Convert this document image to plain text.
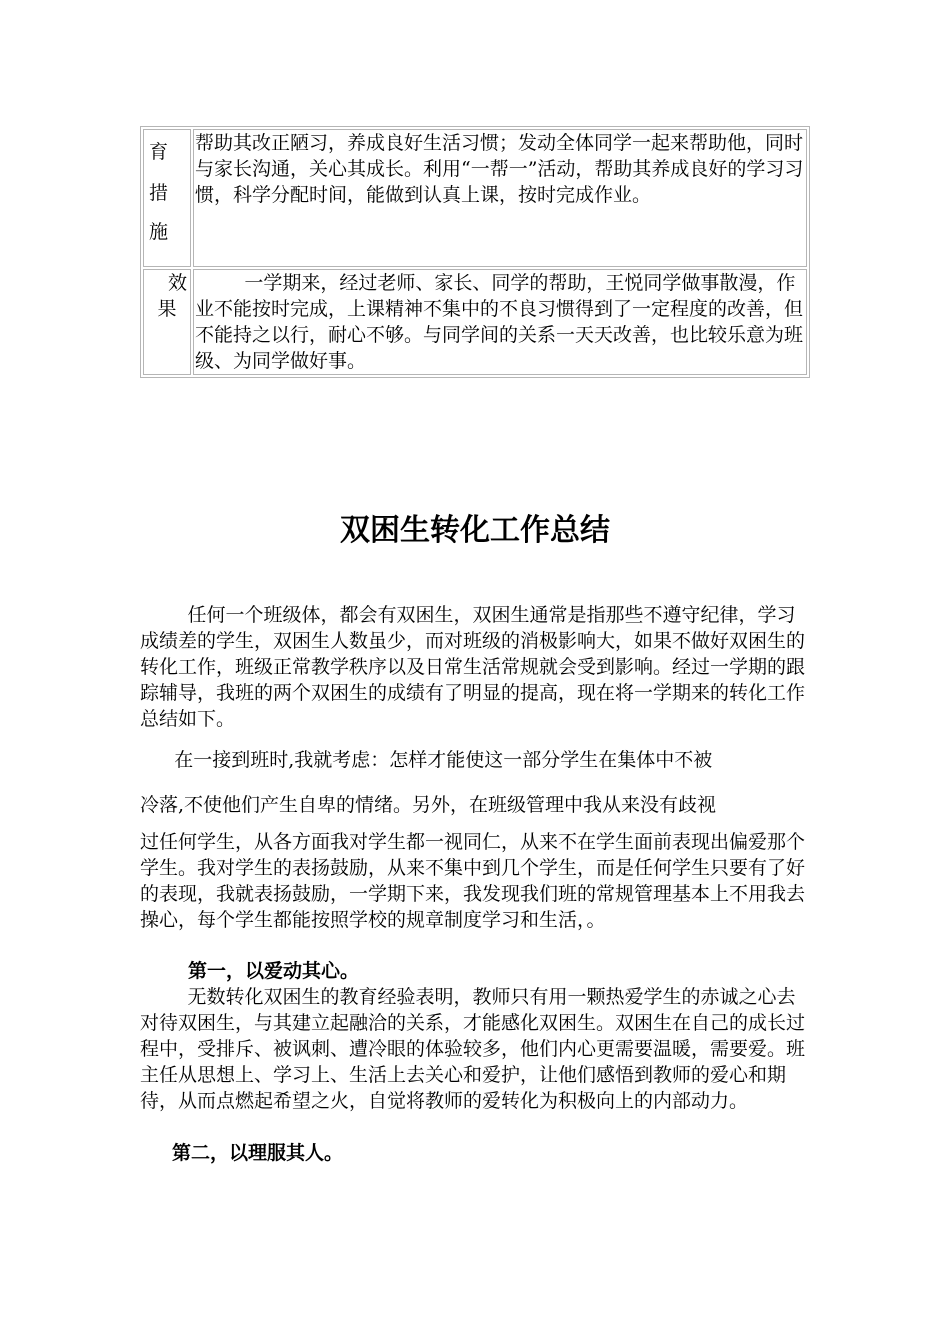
育
措
施	帮助其改正陋习，养成良好生活习惯；发动全体同学一起来帮助他，同时与家长沟通，关心其成长。利用“一帮一”活动，帮助其养成良好的学习习惯，科学分配时间，能做到认真上课，按时完成作业。

效
果	一学期来，经过老师、家长、同学的帮助，王悦同学做事散漫，作业不能按时完成，上课精神不集中的不良习惯得到了一定程度的改善，但不能持之以行，耐心不够。与同学间的关系一天天改善，也比较乐意为班级、为同学做好事。
双困生转化工作总结

任何一个班级体，都会有双困生，双困生通常是指那些不遵守纪律，学习成绩差的学生，双困生人数虽少，而对班级的消极影响大，如果不做好双困生的转化工作，班级正常教学秩序以及日常生活常规就会受到影响。经过一学期的跟踪辅导，我班的两个双困生的成绩有了明显的提高，现在将一学期来的转化工作总结如下。

在一接到班时,我就考虑：怎样才能使这一部分学生在集体中不被

冷落,不使他们产生自卑的情绪。另外，在班级管理中我从来没有歧视

过任何学生，从各方面我对学生都一视同仁，从来不在学生面前表现出偏爱那个学生。我对学生的表扬鼓励，从来不集中到几个学生，而是任何学生只要有了好的表现，我就表扬鼓励，一学期下来，我发现我们班的常规管理基本上不用我去操心，每个学生都能按照学校的规章制度学习和生活，。

第一，以爱动其心。

无数转化双困生的教育经验表明，教师只有用一颗热爱学生的赤诚之心去对待双困生，与其建立起融洽的关系，才能感化双困生。双困生在自己的成长过程中，受排斥、被讽刺、遭冷眼的体验较多，他们内心更需要温暖，需要爱。班主任从思想上、学习上、生活上去关心和爱护，让他们感悟到教师的爱心和期待，从而点燃起希望之火，自觉将教师的爱转化为积极向上的内部动力。

第二，以理服其人。
